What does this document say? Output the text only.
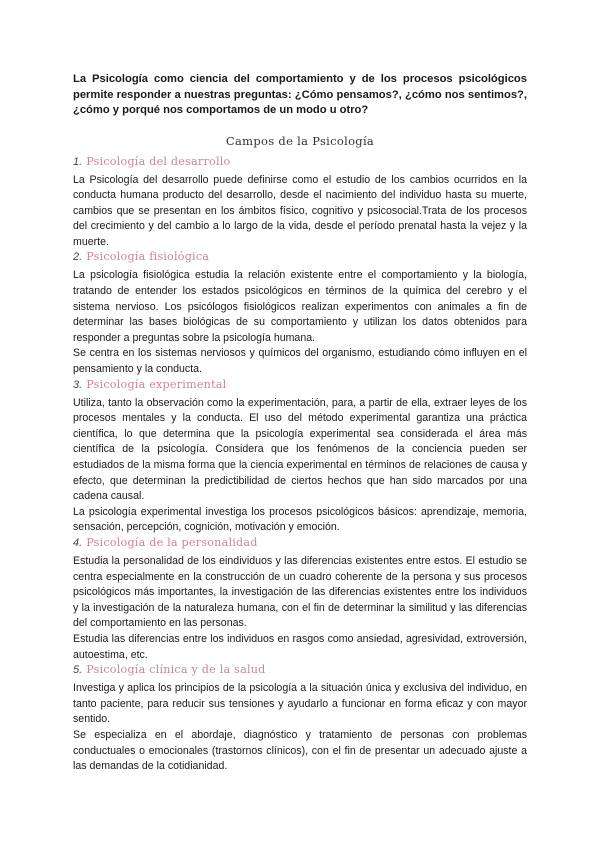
La Psicología como ciencia del comportamiento y de los procesos psicológicos permite responder a nuestras preguntas: ¿Cómo pensamos?, ¿cómo nos sentimos?, ¿cómo y porqué nos comportamos de un modo u otro?

Campos de la Psicología
1. Psicología del desarrollo

La Psicología del desarrollo puede definirse como el estudio de los cambios ocurridos en la conducta humana producto del desarrollo, desde el nacimiento del individuo hasta su muerte, cambios que se presentan en los ámbitos físico, cognitivo y psicosocial.Trata de los procesos del crecimiento y del cambio a lo largo de la vida, desde el período prenatal hasta la vejez y la muerte.

2. Psicología fisiológica

La psicología fisiológica estudia la relación existente entre el comportamiento y la biología, tratando de entender los estados psicológicos en términos de la química del cerebro y el sistema nervioso. Los psicólogos fisiológicos realizan experimentos con animales a fin de determinar las bases biológicas de su comportamiento y utilizan los datos obtenidos para responder a preguntas sobre la psicología humana.

Se centra en los sistemas nerviosos y químicos del organismo, estudiando cómo influyen en el pensamiento y la conducta.

3. Psicología experimental

Utiliza, tanto la observación como la experimentación, para, a partir de ella, extraer leyes de los procesos mentales y la conducta. El uso del método experimental garantiza una práctica científica, lo que determina que la psicología experimental sea considerada el área más científica de la psicología. Considera que los fenómenos de la conciencia pueden ser estudiados de la misma forma que la ciencia experimental en términos de relaciones de causa y efecto, que determinan la predictibilidad de ciertos hechos que han sido marcados por una cadena causal.

La psicología experimental investiga los procesos psicológicos básicos: aprendizaje, memoria, sensación, percepción, cognición, motivación y emoción.

4. Psicología de la personalidad

Estudia la personalidad de los eindividuos y las diferencias existentes entre estos. El estudio se centra especialmente en la construcción de un cuadro coherente de la persona y sus procesos psicológicos más importantes, la investigación de las diferencias existentes entre los individuos y la investigación de la naturaleza humana, con el fin de determinar la similitud y las diferencias del comportamiento en las personas.

Estudia las diferencias entre los individuos en rasgos como ansiedad, agresividad, extroversión, autoestima, etc.

5. Psicología clínica y de la salud

Investiga y aplica los principios de la psicología a la situación única y exclusiva del individuo, en tanto paciente, para reducir sus tensiones y ayudarlo a funcionar en forma eficaz y con mayor sentido.

Se especializa en el abordaje, diagnóstico y tratamiento de personas con problemas conductuales o emocionales (trastornos clínicos), con el fin de presentar un adecuado ajuste a las demandas de la cotidianidad.
